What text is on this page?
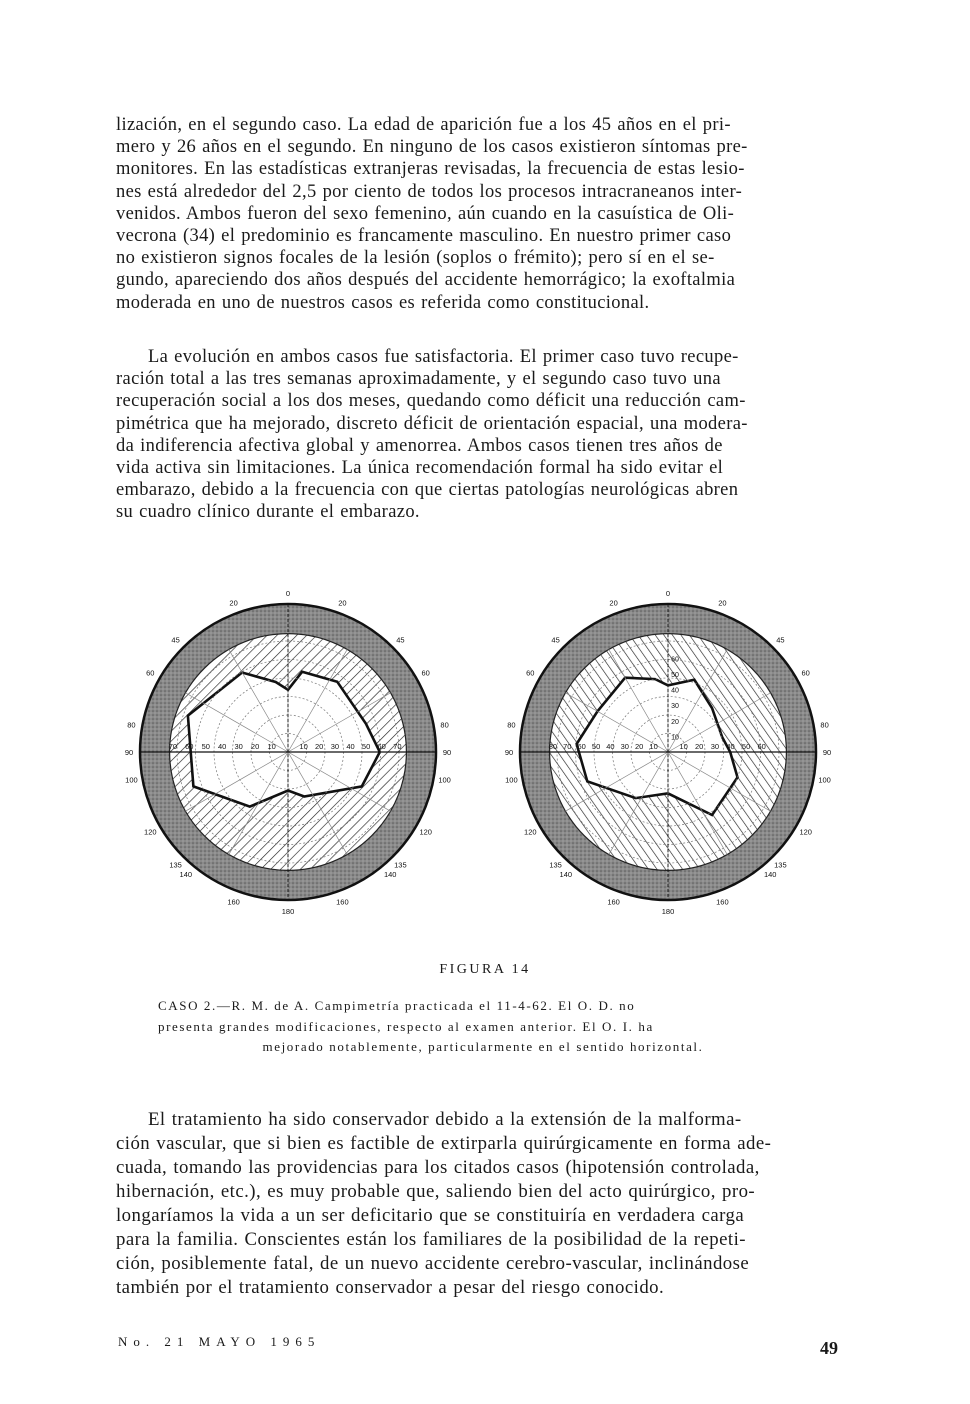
lización, en el segundo caso. La edad de aparición fue a los 45 años en el pri-
mero y 26 años en el segundo. En ninguno de los casos existieron síntomas pre-
monitores. En las estadísticas extranjeras revisadas, la frecuencia de estas lesio-
nes está alrededor del 2,5 por ciento de todos los procesos intracraneanos inter-
venidos. Ambos fueron del sexo femenino, aún cuando en la casuística de Oli-
vecrona (34) el predominio es francamente masculino. En nuestro primer caso
no existieron signos focales de la lesión (soplos o frémito); pero sí en el se-
gundo, apareciendo dos años después del accidente hemorrágico; la exoftalmia
moderada en uno de nuestros casos es referida como constitucional.
La evolución en ambos casos fue satisfactoria. El primer caso tuvo recupe-
ración total a las tres semanas aproximadamente, y el segundo caso tuvo una
recuperación social a los dos meses, quedando como déficit una reducción cam-
pimétrica que ha mejorado, discreto déficit de orientación espacial, una modera-
da indiferencia afectiva global y amenorrea. Ambos casos tienen tres años de
vida activa sin limitaciones. La única recomendación formal ha sido evitar el
embarazo, debido a la frecuencia con que ciertas patologías neurológicas abren
su cuadro clínico durante el embarazo.
0
20
20
45
45
60
60
80
80
90
90
100
100
120
120
135
135
140
140
160
160
180
70 60 50 40 30 20 10	10 20 30 40 50 60 70
0
20
20
45
45
60
60
80
80
90
90
100
100
120
120
135
135
140
140
160
160
180
80 70 60 50 40 30 20 10	10 20 30 40 50 60
60
50
40
30
20
10
FIGURA 14
CASO 2.—R. M. de A. Campimetría practicada el 11-4-62. El O. D. no
presenta grandes modificaciones, respecto al examen anterior. El O. I. ha
mejorado notablemente, particularmente en el sentido horizontal.
El tratamiento ha sido conservador debido a la extensión de la malforma-
ción vascular, que si bien es factible de extirparla quirúrgicamente en forma ade-
cuada, tomando las providencias para los citados casos (hipotensión controlada,
hibernación, etc.), es muy probable que, saliendo bien del acto quirúrgico, pro-
longaríamos la vida a un ser deficitario que se constituiría en verdadera carga
para la familia. Conscientes están los familiares de la posibilidad de la repeti-
ción, posiblemente fatal, de un nuevo accidente cerebro-vascular, inclinándose
también por el tratamiento conservador a pesar del riesgo conocido.
No. 21 MAYO 1965	49
